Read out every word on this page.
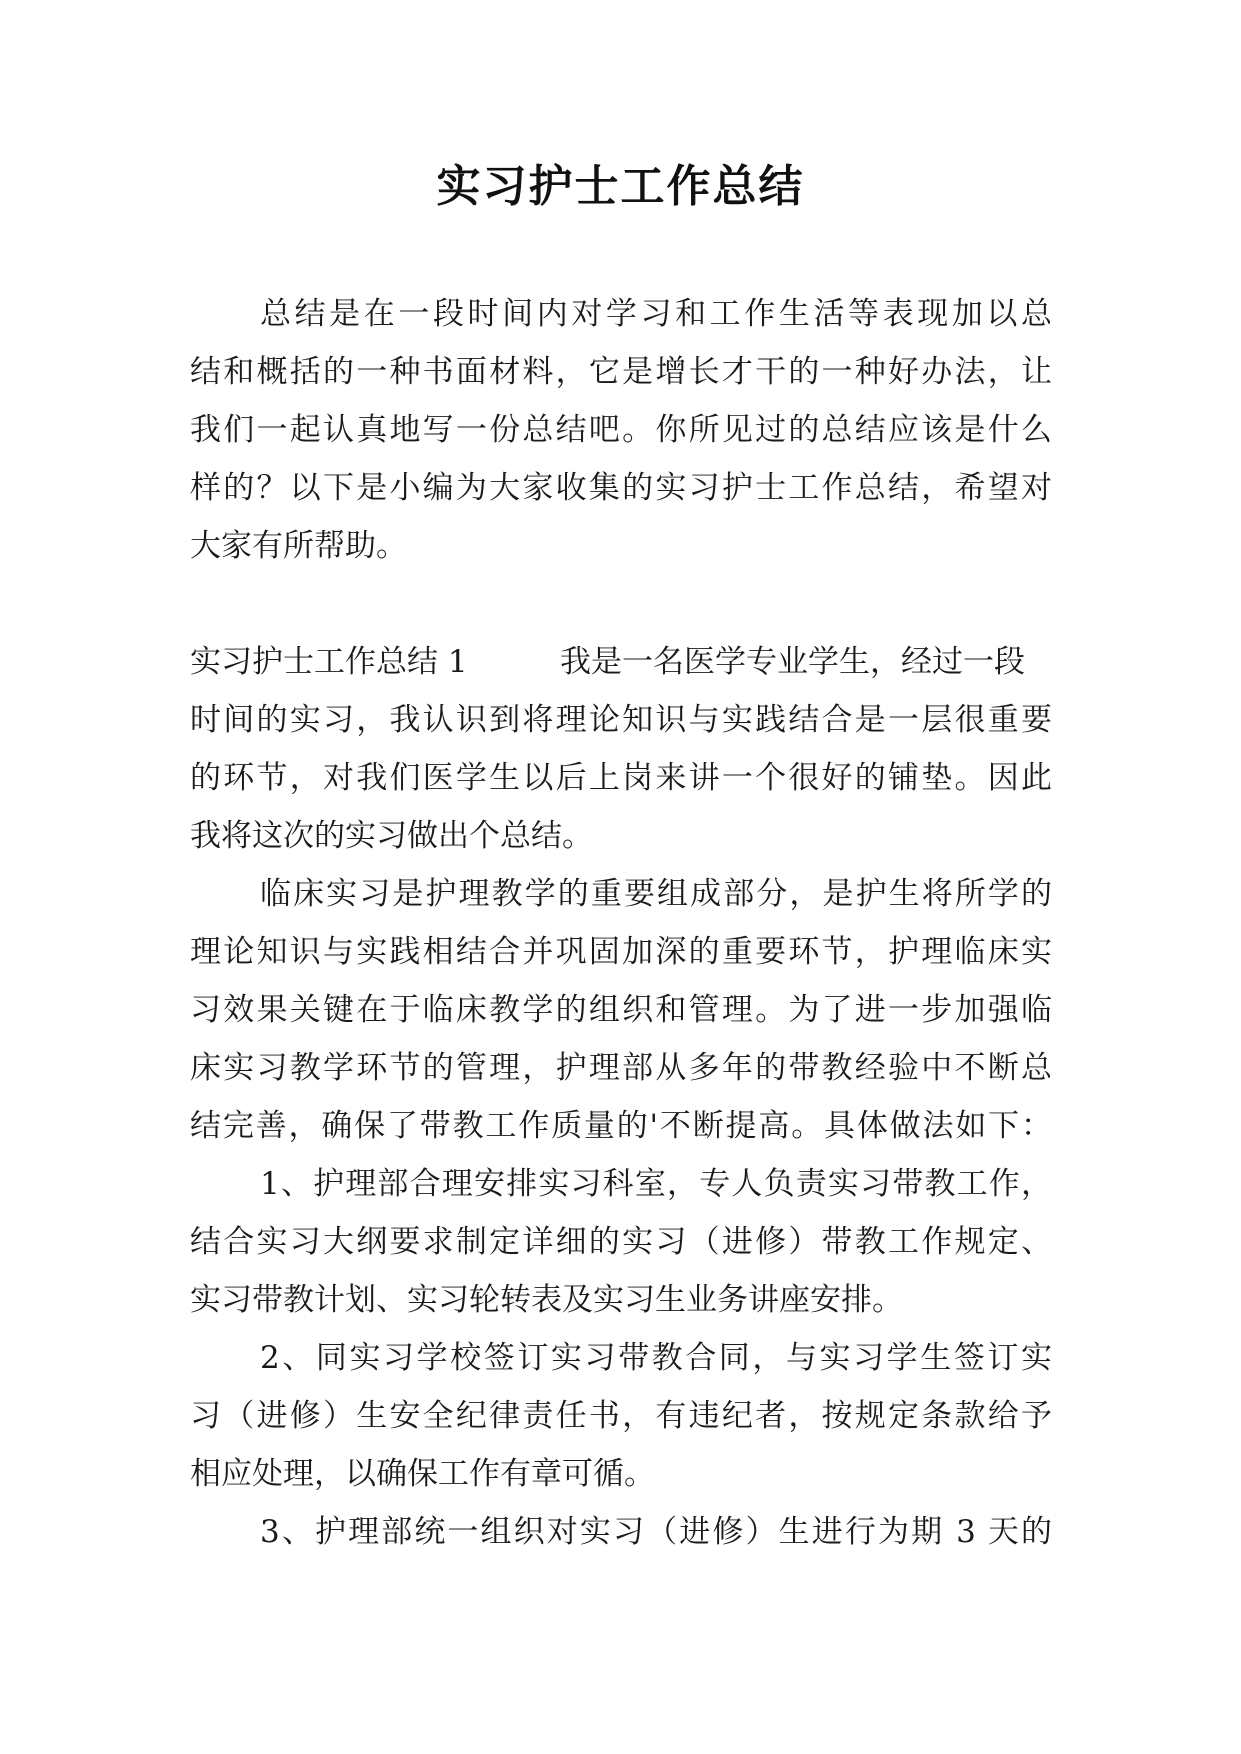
实习护士工作总结
总结是在一段时间内对学习和工作生活等表现加以总
结和概括的一种书面材料，它是增长才干的一种好办法，让
我们一起认真地写一份总结吧。你所见过的总结应该是什么
样的？以下是小编为大家收集的实习护士工作总结，希望对
大家有所帮助。
实习护士工作总结 1	我是一名医学专业学生，经过一段
时间的实习，我认识到将理论知识与实践结合是一层很重要
的环节，对我们医学生以后上岗来讲一个很好的铺垫。因此
我将这次的实习做出个总结。
临床实习是护理教学的重要组成部分，是护生将所学的
理论知识与实践相结合并巩固加深的重要环节，护理临床实
习效果关键在于临床教学的组织和管理。为了进一步加强临
床实习教学环节的管理，护理部从多年的带教经验中不断总
结完善，确保了带教工作质量的'不断提高。具体做法如下：
1、护理部合理安排实习科室，专人负责实习带教工作，
结合实习大纲要求制定详细的实习（进修）带教工作规定、
实习带教计划、实习轮转表及实习生业务讲座安排。
2、同实习学校签订实习带教合同，与实习学生签订实
习（进修）生安全纪律责任书，有违纪者，按规定条款给予
相应处理，以确保工作有章可循。
3、护理部统一组织对实习（进修）生进行为期 3 天的
